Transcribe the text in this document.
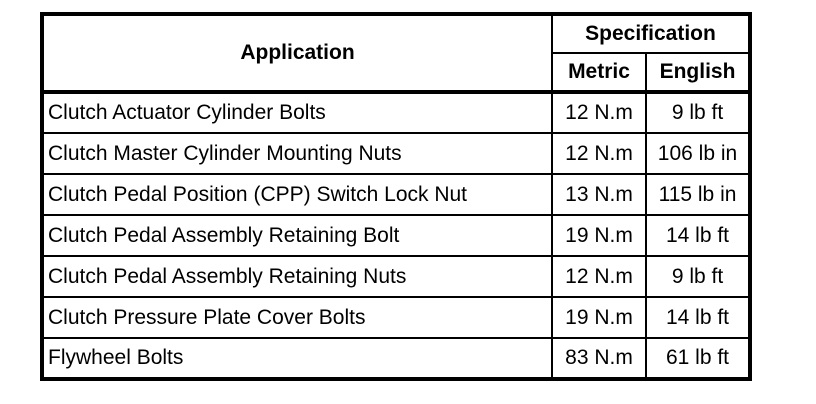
Application	Specification	
	Metric	English
Clutch Actuator Cylinder Bolts	12 N.m	9 lb ft
Clutch Master Cylinder Mounting Nuts	12 N.m	106 lb in
Clutch Pedal Position (CPP) Switch Lock Nut	13 N.m	115 lb in
Clutch Pedal Assembly Retaining Bolt	19 N.m	14 lb ft
Clutch Pedal Assembly Retaining Nuts	12 N.m	9 lb ft
Clutch Pressure Plate Cover Bolts	19 N.m	14 lb ft
Flywheel Bolts	83 N.m	61 lb ft
